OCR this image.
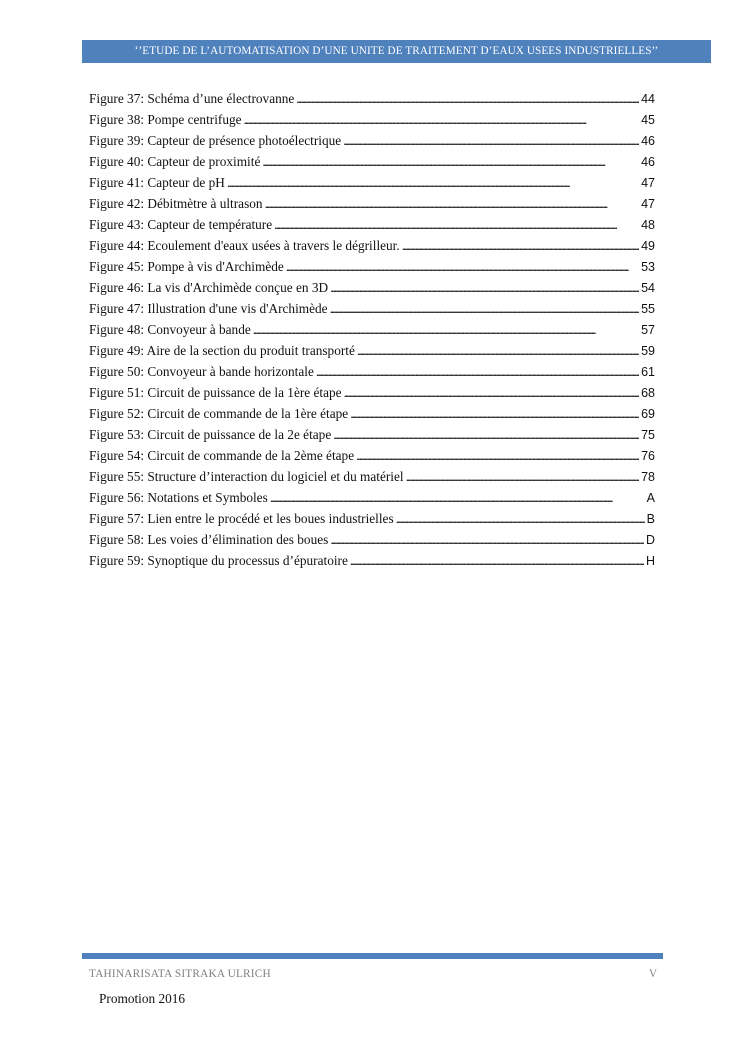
‘’ETUDE DE L’AUTOMATISATION D’UNE UNITE DE TRAITEMENT D’EAUX USEES INDUSTRIELLES’’
Figure 37: Schéma d’une électrovanne . . .	44
Figure 38: Pompe centrifuge . . .	45
Figure 39: Capteur de présence photoélectrique . . .	46
Figure 40: Capteur de proximité . . .	46
Figure 41: Capteur de pH . . .	47
Figure 42: Débitmètre à ultrason . . .	47
Figure 43: Capteur de température . . .	48
Figure 44: Ecoulement d'eaux usées à travers le dégrilleur. . . .	49
Figure 45: Pompe à vis d'Archimède . . .	53
Figure 46: La vis d'Archimède conçue en 3D . . .	54
Figure 47: Illustration d'une vis d'Archimède . . .	55
Figure 48: Convoyeur à bande . . .	57
Figure 49: Aire de la section du produit transporté . . .	59
Figure 50: Convoyeur à bande horizontale . . .	61
Figure 51: Circuit de puissance de la 1ère étape . . .	68
Figure 52: Circuit de commande de la 1ère étape . . .	69
Figure 53: Circuit de puissance de la 2e étape . . .	75
Figure 54: Circuit de commande de la 2ème étape . . .	76
Figure 55: Structure d’interaction du logiciel et du matériel . . .	78
Figure 56: Notations et Symboles . . .	A
Figure 57: Lien entre le procédé et les boues industrielles . . .	B
Figure 58: Les voies d’élimination des boues . . .	D
Figure 59: Synoptique du processus d’épuratoire . . .	H
TAHINARISATA SITRAKA ULRICH	V
Promotion 2016
